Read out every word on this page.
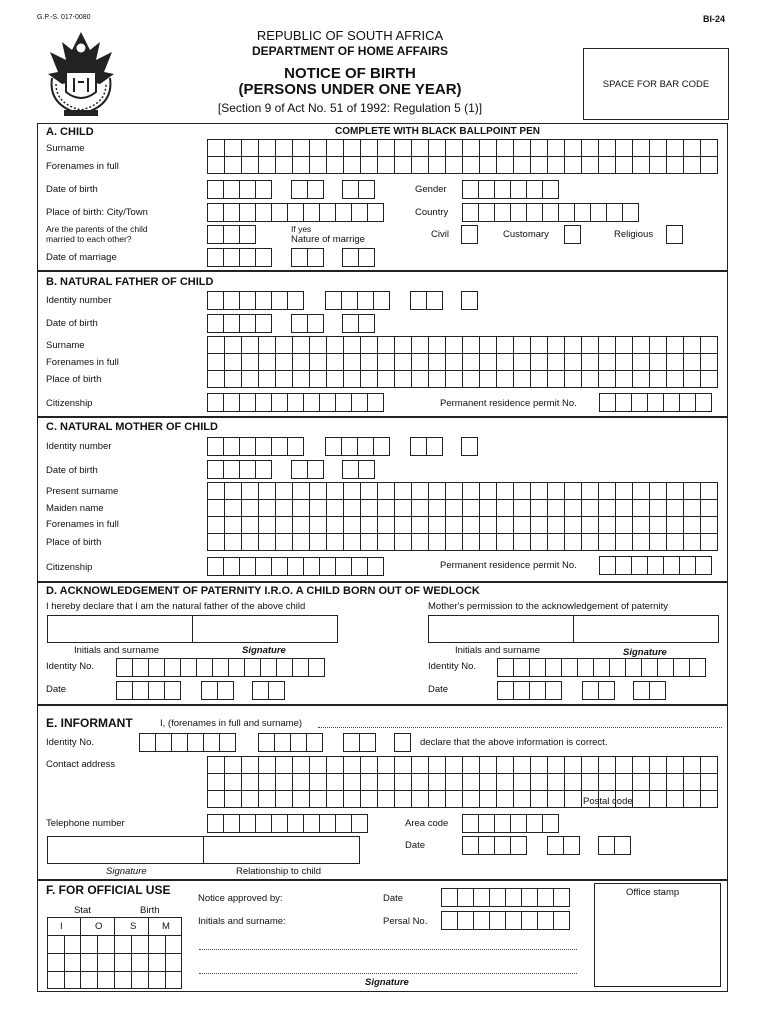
G.P.-S. 017-0080	BI-24
REPUBLIC OF SOUTH AFRICA
DEPARTMENT OF HOME AFFAIRS
NOTICE OF BIRTH
(PERSONS UNDER ONE YEAR)
[Section 9 of Act No. 51 of 1992: Regulation 5 (1)]
SPACE FOR BAR CODE
A. CHILD	COMPLETE WITH BLACK BALLPOINT PEN
Surname
Forenames in full
Date of birth	Gender
Place of birth: City/Town	Country
Are the parents of the child
married to each other?
If yes
Nature of marrige	Civil	Customary	Religious
Date of marriage
B. NATURAL FATHER OF CHILD
Identity number
Date of birth
Surname
Forenames in full
Place of birth
Citizenship	Permanent residence permit No.
C. NATURAL MOTHER OF CHILD
Identity number
Date of birth
Present surname
Maiden name
Forenames in full
Place of birth
Citizenship	Permanent residence permit No.
D. ACKNOWLEDGEMENT OF PATERNITY I.R.O. A CHILD BORN OUT OF WEDLOCK
I hereby declare that I am the natural father of the above child	Mother's permission to the acknowledgement of paternity
Initials and surname	Signature	Initials and surname	Signature
Identity No.	Identity No.
Date	Date
E. INFORMANT	I, (forenames in full and surname)
Identity No.	declare that the above information is correct.
Contact address
Postal code
Telephone number	Area code
Date
Signature	Relationship to child
F. FOR OFFICIAL USE
Stat	Birth
I	O	S	M
Notice approved by:	Date
Initials and surname:	Persal No.
Signature
Office stamp
